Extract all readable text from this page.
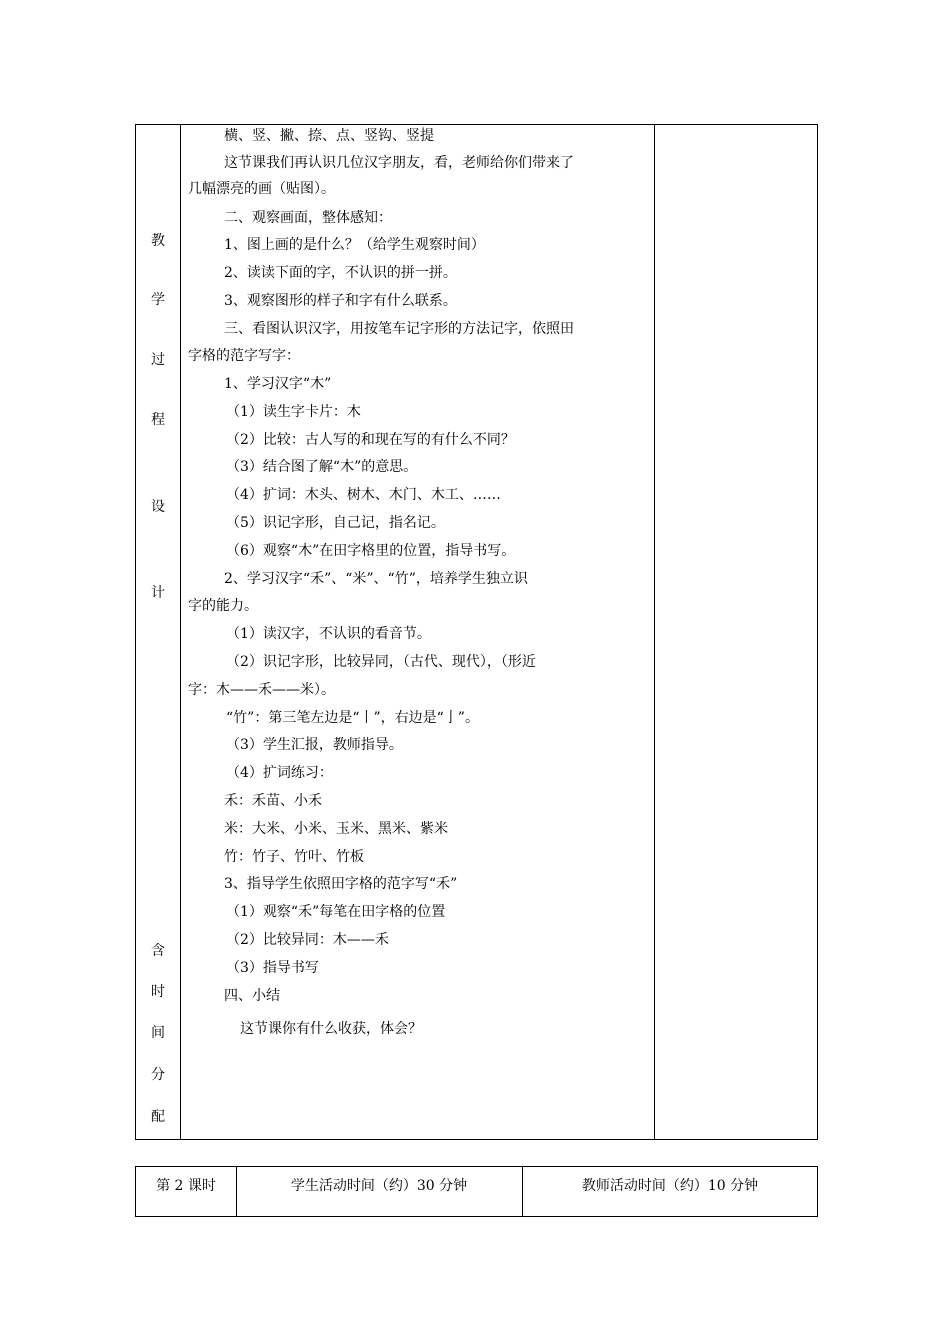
教
学
过
程
设
计
含
时
间
分
配
横、竖、撇、捺、点、竖钩、竖提
这节课我们再认识几位汉字朋友，看，老师给你们带来了
几幅漂亮的画（贴图）。
二、观察画面，整体感知：
1、图上画的是什么？（给学生观察时间）
2、读读下面的字，不认识的拼一拼。
3、观察图形的样子和字有什么联系。
三、看图认识汉字，用按笔车记字形的方法记字，依照田
字格的范字写字：
1、学习汉字“木”
（1）读生字卡片：木
（2）比较：古人写的和现在写的有什么不同？
（3）结合图了解“木”的意思。
（4）扩词：木头、树木、木门、木工、……
（5）识记字形，自己记，指名记。
（6）观察“木”在田字格里的位置，指导书写。
2、学习汉字“禾”、“米”、“竹”，培养学生独立识
字的能力。
（1）读汉字，不认识的看音节。
（2）识记字形，比较异同，（古代、现代），（形近
字：木——禾——米）。
“竹”：第三笔左边是“丨”，右边是“亅”。
（3）学生汇报，教师指导。
（4）扩词练习：
禾：禾苗、小禾
米：大米、小米、玉米、黑米、紫米
竹：竹子、竹叶、竹板
3、指导学生依照田字格的范字写“禾”
（1）观察“禾”每笔在田字格的位置
（2）比较异同：木——禾
（3）指导书写
四、小结
这节课你有什么收获，体会？
第 2 课时	学生活动时间（约）30 分钟	教师活动时间（约）10 分钟
